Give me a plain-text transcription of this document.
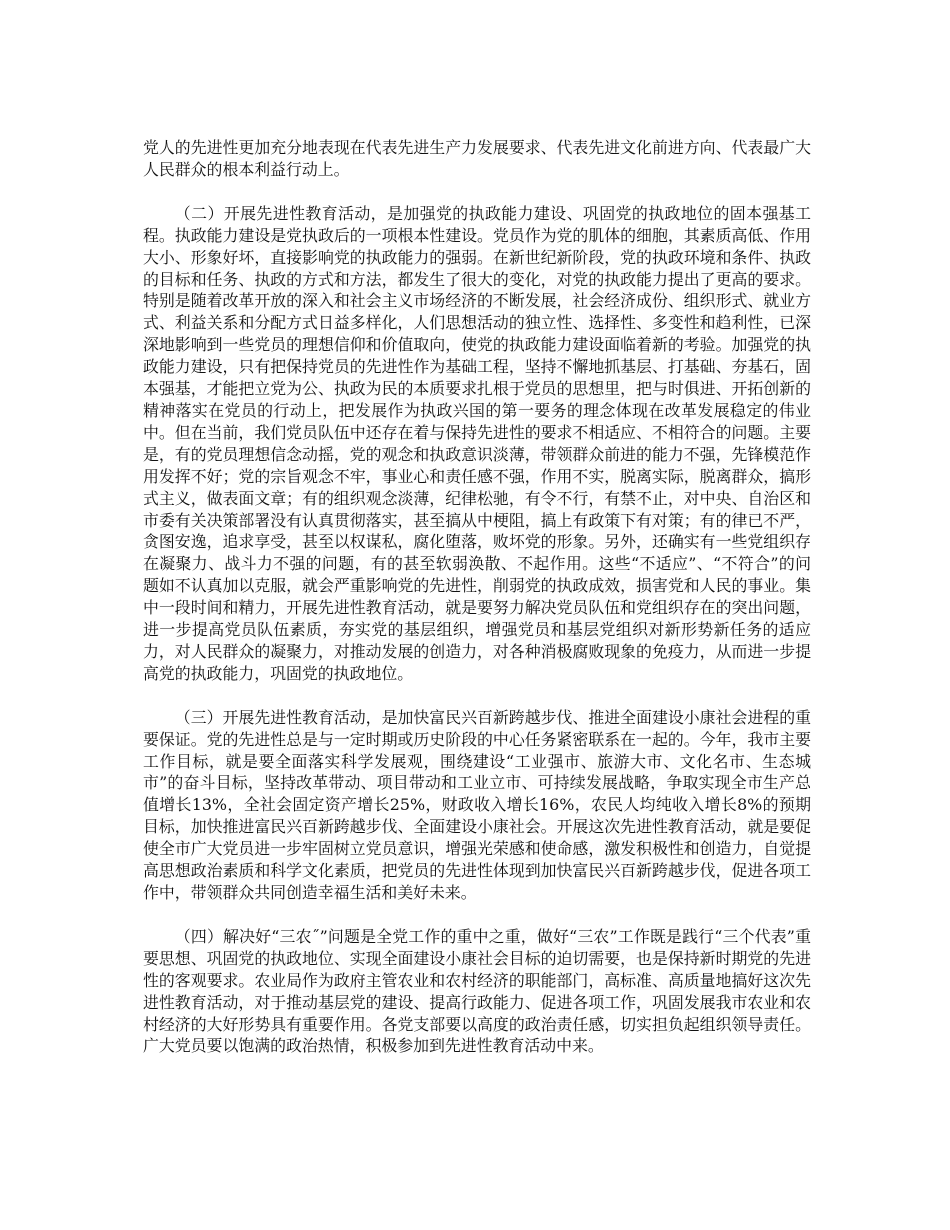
党人的先进性更加充分地表现在代表先进生产力发展要求、代表先进文化前进方向、代表最广大人民群众的根本利益行动上。

（二）开展先进性教育活动，是加强党的执政能力建设、巩固党的执政地位的固本强基工程。执政能力建设是党执政后的一项根本性建设。党员作为党的肌体的细胞，其素质高低、作用大小、形象好坏，直接影响党的执政能力的强弱。在新世纪新阶段，党的执政环境和条件、执政的目标和任务、执政的方式和方法，都发生了很大的变化，对党的执政能力提出了更高的要求。特别是随着改革开放的深入和社会主义市场经济的不断发展，社会经济成份、组织形式、就业方式、利益关系和分配方式日益多样化，人们思想活动的独立性、选择性、多变性和趋利性，已深深地影响到一些党员的理想信仰和价值取向，使党的执政能力建设面临着新的考验。加强党的执政能力建设，只有把保持党员的先进性作为基础工程，坚持不懈地抓基层、打基础、夯基石，固本强基，才能把立党为公、执政为民的本质要求扎根于党员的思想里，把与时俱进、开拓创新的精神落实在党员的行动上，把发展作为执政兴国的第一要务的理念体现在改革发展稳定的伟业中。但在当前，我们党员队伍中还存在着与保持先进性的要求不相适应、不相符合的问题。主要是，有的党员理想信念动摇，党的观念和执政意识淡薄，带领群众前进的能力不强，先锋模范作用发挥不好；党的宗旨观念不牢，事业心和责任感不强，作用不实，脱离实际，脱离群众，搞形式主义，做表面文章；有的组织观念淡薄，纪律松驰，有令不行，有禁不止，对中央、自治区和市委有关决策部署没有认真贯彻落实，甚至搞从中梗阻，搞上有政策下有对策；有的律已不严，贪图安逸，追求享受，甚至以权谋私，腐化堕落，败坏党的形象。另外，还确实有一些党组织存在凝聚力、战斗力不强的问题，有的甚至软弱涣散、不起作用。这些“不适应”、“不符合”的问题如不认真加以克服，就会严重影响党的先进性，削弱党的执政成效，损害党和人民的事业。集中一段时间和精力，开展先进性教育活动，就是要努力解决党员队伍和党组织存在的突出问题，进一步提高党员队伍素质，夯实党的基层组织，增强党员和基层党组织对新形势新任务的适应力，对人民群众的凝聚力，对推动发展的创造力，对各种消极腐败现象的免疫力，从而进一步提高党的执政能力，巩固党的执政地位。

（三）开展先进性教育活动，是加快富民兴百新跨越步伐、推进全面建设小康社会进程的重要保证。党的先进性总是与一定时期或历史阶段的中心任务紧密联系在一起的。今年，我市主要工作目标，就是要全面落实科学发展观，围绕建设“工业强市、旅游大市、文化名市、生态城市”的奋斗目标，坚持改革带动、项目带动和工业立市、可持续发展战略，争取实现全市生产总值增长13%，全社会固定资产增长25%，财政收入增长16%，农民人均纯收入增长8%的预期目标，加快推进富民兴百新跨越步伐、全面建设小康社会。开展这次先进性教育活动，就是要促使全市广大党员进一步牢固树立党员意识，增强光荣感和使命感，激发积极性和创造力，自觉提高思想政治素质和科学文化素质，把党员的先进性体现到加快富民兴百新跨越步伐，促进各项工作中，带领群众共同创造幸福生活和美好未来。

（四）解决好“三农˝”问题是全党工作的重中之重，做好“三农”工作既是践行“三个代表”重要思想、巩固党的执政地位、实现全面建设小康社会目标的迫切需要，也是保持新时期党的先进性的客观要求。农业局作为政府主管农业和农村经济的职能部门，高标准、高质量地搞好这次先进性教育活动，对于推动基层党的建设、提高行政能力、促进各项工作，巩固发展我市农业和农村经济的大好形势具有重要作用。各党支部要以高度的政治责任感，切实担负起组织领导责任。广大党员要以饱满的政治热情，积极参加到先进性教育活动中来。
